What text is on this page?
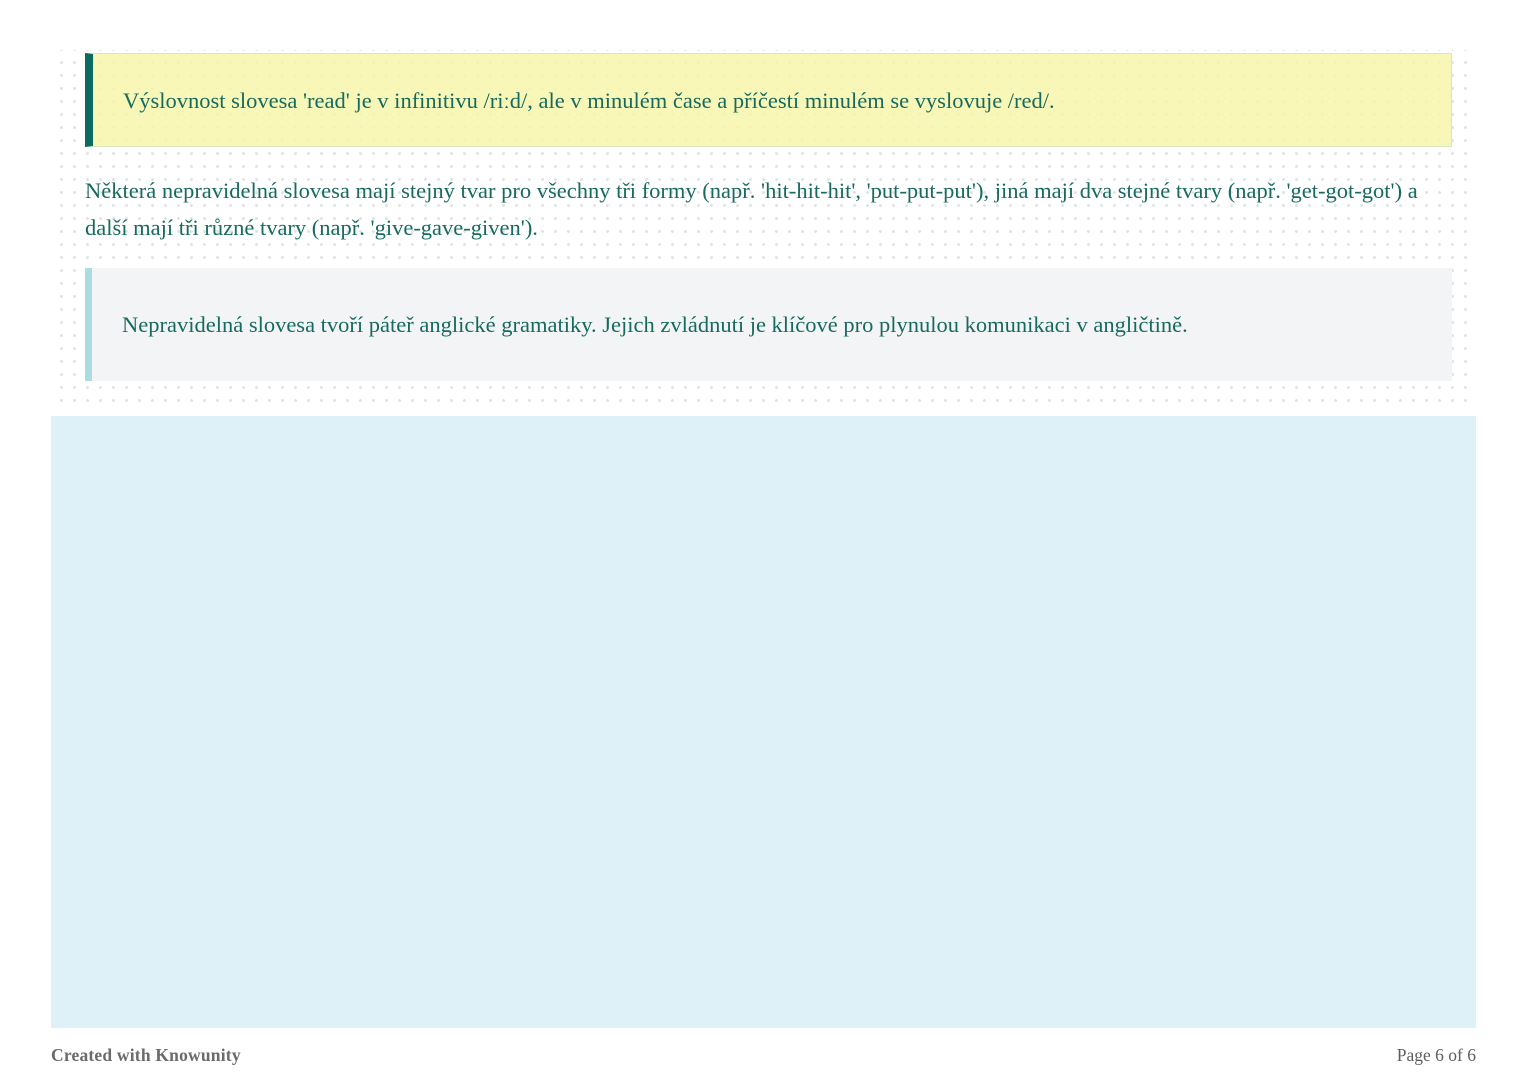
Výslovnost slovesa 'read' je v infinitivu /riːd/, ale v minulém čase a příčestí minulém se vyslovuje /red/.

Některá nepravidelná slovesa mají stejný tvar pro všechny tři formy (např. 'hit-hit-hit', 'put-put-put'), jiná mají dva stejné tvary (např. 'get-got-got') a další mají tři různé tvary (např. 'give-gave-given').

Nepravidelná slovesa tvoří páteř anglické gramatiky. Jejich zvládnutí je klíčové pro plynulou komunikaci v angličtině.

Created with Knowunity	Page 6 of 6
